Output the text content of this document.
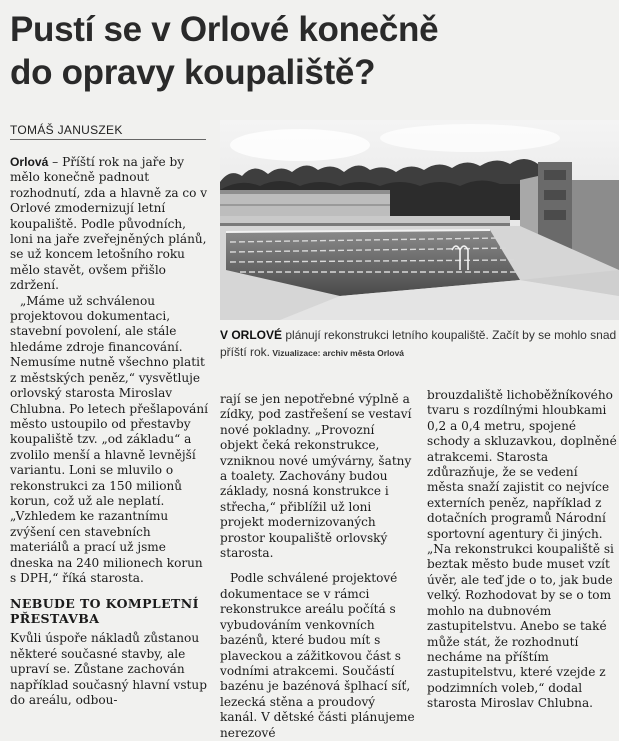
Pustí se v Orlové konečně
do opravy koupaliště?
TOMÁŠ JANUSZEK

Orlová – Příští rok na jaře by mělo konečně padnout rozhodnutí, zda a hlavně za co v Orlové zmodernizují letní koupaliště. Podle původních, loni na jaře zveřejněných plánů, se už koncem letošního roku mělo stavět, ovšem přišlo zdržení.

„Máme už schválenou projektovou dokumentaci, stavební povolení, ale stále hledáme zdroje financování. Nemusíme nutně všechno platit z městských peněz,“ vysvětluje orlovský starosta Miroslav Chlubna. Po letech přešlapování město ustoupilo od přestavby koupaliště tzv. „od základu“ a zvolilo menší a hlavně levnější variantu. Loni se mluvilo o rekonstrukci za 150 milionů korun, což už ale neplatí. „Vzhledem ke razantnímu zvýšení cen stavebních materiálů a prací už jsme dneska na 240 milionech korun s DPH,“ říká starosta.

NEBUDE TO KOMPLETNÍ PŘESTAVBA

Kvůli úspoře nákladů zůstanou některé současné stavby, ale upraví se. Zůstane zachován například současný hlavní vstup do areálu, odbou-

V ORLOVÉ plánují rekonstrukci letního koupaliště. Začít by se mohlo snad příští rok. Vizualizace: archiv města Orlová

rají se jen nepotřebné výplně a zídky, pod zastřešení se vestaví nové pokladny. „Provozní objekt čeká rekonstrukce, vzniknou nové umývárny, šatny a toalety. Zachovány budou základy, nosná konstrukce i střecha,“ přiblížil už loni projekt modernizovaných prostor koupaliště orlovský starosta.

Podle schválené projektové dokumentace se v rámci rekonstrukce areálu počítá s vybudováním venkovních bazénů, které budou mít s plaveckou a zážitkovou část s vodními atrakcemi. Součástí bazénu je bazénová šplhací síť, lezecká stěna a proudový kanál. V dětské části plánujeme nerezové

brouzdaliště lichoběžníkového tvaru s rozdílnými hloubkami 0,2 a 0,4 metru, spojené schody a skluzavkou, doplněné atrakcemi. Starosta zdůrazňuje, že se vedení města snaží zajistit co nejvíce externích peněz, například z dotačních programů Národní sportovní agentury či jiných. „Na rekonstrukci koupaliště si beztak město bude muset vzít úvěr, ale teď jde o to, jak bude velký. Rozhodovat by se o tom mohlo na dubnovém zastupitelstvu. Anebo se také může stát, že rozhodnutí necháme na příštím zastupitelstvu, které vzejde z podzimních voleb,“ dodal starosta Miroslav Chlubna.
